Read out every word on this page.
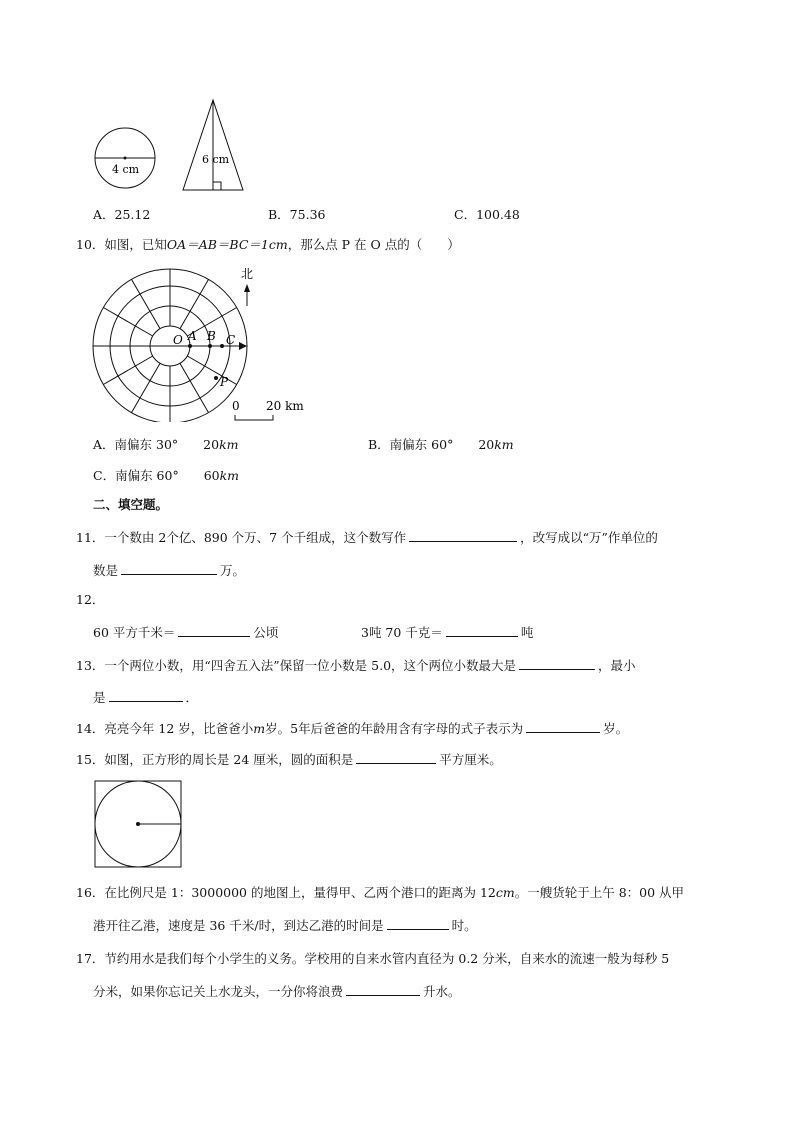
4 cm
6 cm
A．25.12	B．75.36	C．100.48
10．如图，已知OA＝AB＝BC＝1cm，那么点 P 在 O 点的（　　）
O A B C
P
北
0 20 km
A．南偏东 30°　　20km	B．南偏东 60°　　20km
C．南偏东 60°　　60km
二、填空题。
11．一个数由 2个亿、890 个万、7 个千组成，这个数写作	，改写成以“万”作单位的
数是	万。
12．
60 平方千米＝	公顷	3吨 70 千克＝	吨
13．一个两位小数，用“四舍五入法”保留一位小数是 5.0，这个两位小数最大是	，最小
是	．
14．亮亮今年 12 岁，比爸爸小m岁。5年后爸爸的年龄用含有字母的式子表示为	岁。
15．如图，正方形的周长是 24 厘米，圆的面积是	平方厘米。
16．在比例尺是 1：3000000 的地图上，量得甲、乙两个港口的距离为 12cm。一艘货轮于上午 8：00 从甲
港开往乙港，速度是 36 千米/时，到达乙港的时间是	时。
17．节约用水是我们每个小学生的义务。学校用的自来水管内直径为 0.2 分米，自来水的流速一般为每秒 5
分米，如果你忘记关上水龙头，一分你将浪费	升水。
